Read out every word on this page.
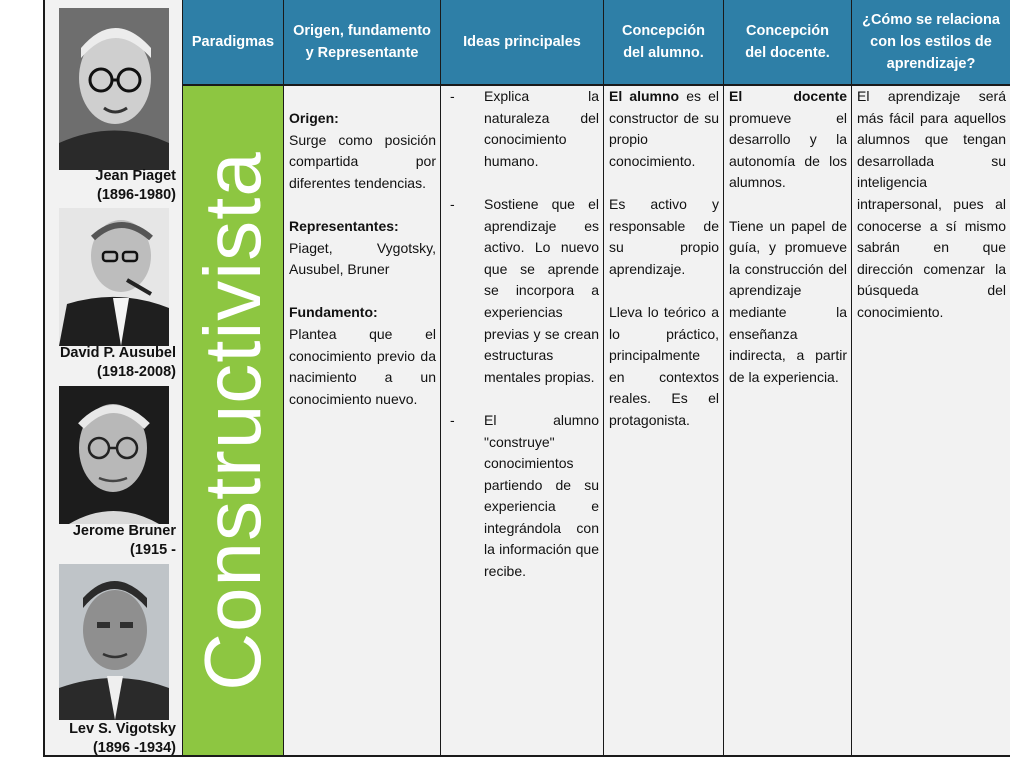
Paradigmas
Origen, fundamento y Representante
Ideas principales
Concepción del alumno.
Concepción del docente.
¿Cómo se relaciona con los estilos de aprendizaje?
Jean Piaget
(1896-1980)
David P. Ausubel
(1918-2008)
Jerome Bruner
(1915 -
Lev S. Vigotsky
(1896 -1934)
Constructivista

Origen:
Surge como posición compartida por diferentes tendencias.

Representantes:
Piaget, Vygotsky, Ausubel, Bruner

Fundamento:
Plantea que el conocimiento previo da nacimiento a un conocimiento nuevo.

- Explica la naturaleza del conocimiento humano.
- Sostiene que el aprendizaje es activo. Lo nuevo que se aprende se incorpora a experiencias previas y se crean estructuras mentales propias.
- El alumno "construye" conocimientos partiendo de su experiencia e integrándola con la información que recibe.

El alumno es el constructor de su propio conocimiento.

Es activo y responsable de su propio aprendizaje.

Lleva lo teórico a lo práctico, principalmente en contextos reales. Es el protagonista.

El docente promueve el desarrollo y la autonomía de los alumnos.

Tiene un papel de guía, y promueve la construcción del aprendizaje mediante la enseñanza indirecta, a partir de la experiencia.

El aprendizaje será más fácil para aquellos alumnos que tengan desarrollada su inteligencia intrapersonal, pues al conocerse a sí mismo sabrán en que dirección comenzar la búsqueda del conocimiento.
